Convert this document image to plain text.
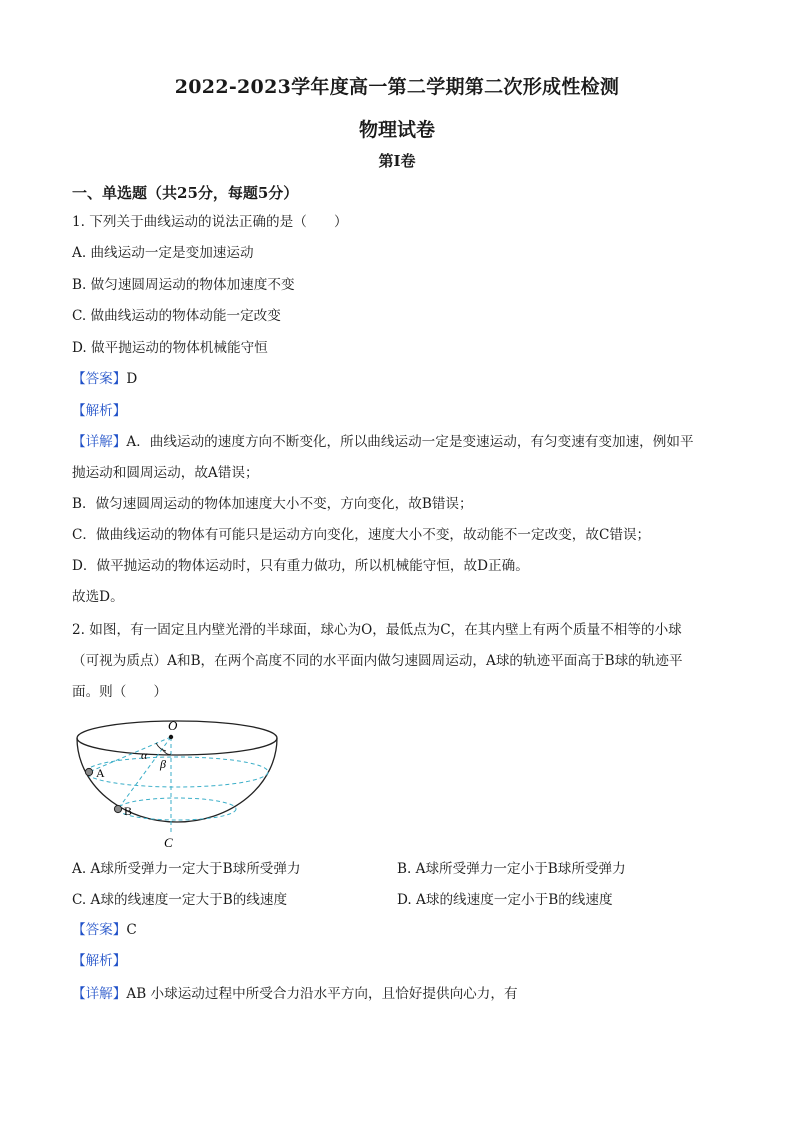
2022-2023学年度高一第二学期第二次形成性检测
物理试卷
第Ⅰ卷
一、单选题（共25分，每题5分）
1. 下列关于曲线运动的说法正确的是（　　）
A. 曲线运动一定是变加速运动
B. 做匀速圆周运动的物体加速度不变
C. 做曲线运动的物体动能一定改变
D. 做平抛运动的物体机械能守恒
【答案】D
【解析】
【详解】A．曲线运动的速度方向不断变化，所以曲线运动一定是变速运动，有匀变速有变加速，例如平
抛运动和圆周运动，故A错误；
B．做匀速圆周运动的物体加速度大小不变，方向变化，故B错误；
C．做曲线运动的物体有可能只是运动方向变化，速度大小不变，故动能不一定改变，故C错误；
D．做平抛运动的物体运动时，只有重力做功，所以机械能守恒，故D正确。
故选D。
2. 如图，有一固定且内壁光滑的半球面，球心为O，最低点为C，在其内壁上有两个质量不相等的小球
（可视为质点）A和B，在两个高度不同的水平面内做匀速圆周运动，A球的轨迹平面高于B球的轨迹平
面。则（　　）
O
α
β
A
B
C
A. A球所受弹力一定大于B球所受弹力	B. A球所受弹力一定小于B球所受弹力
C. A球的线速度一定大于B的线速度	D. A球的线速度一定小于B的线速度
【答案】C
【解析】
【详解】AB 小球运动过程中所受合力沿水平方向，且恰好提供向心力，有
